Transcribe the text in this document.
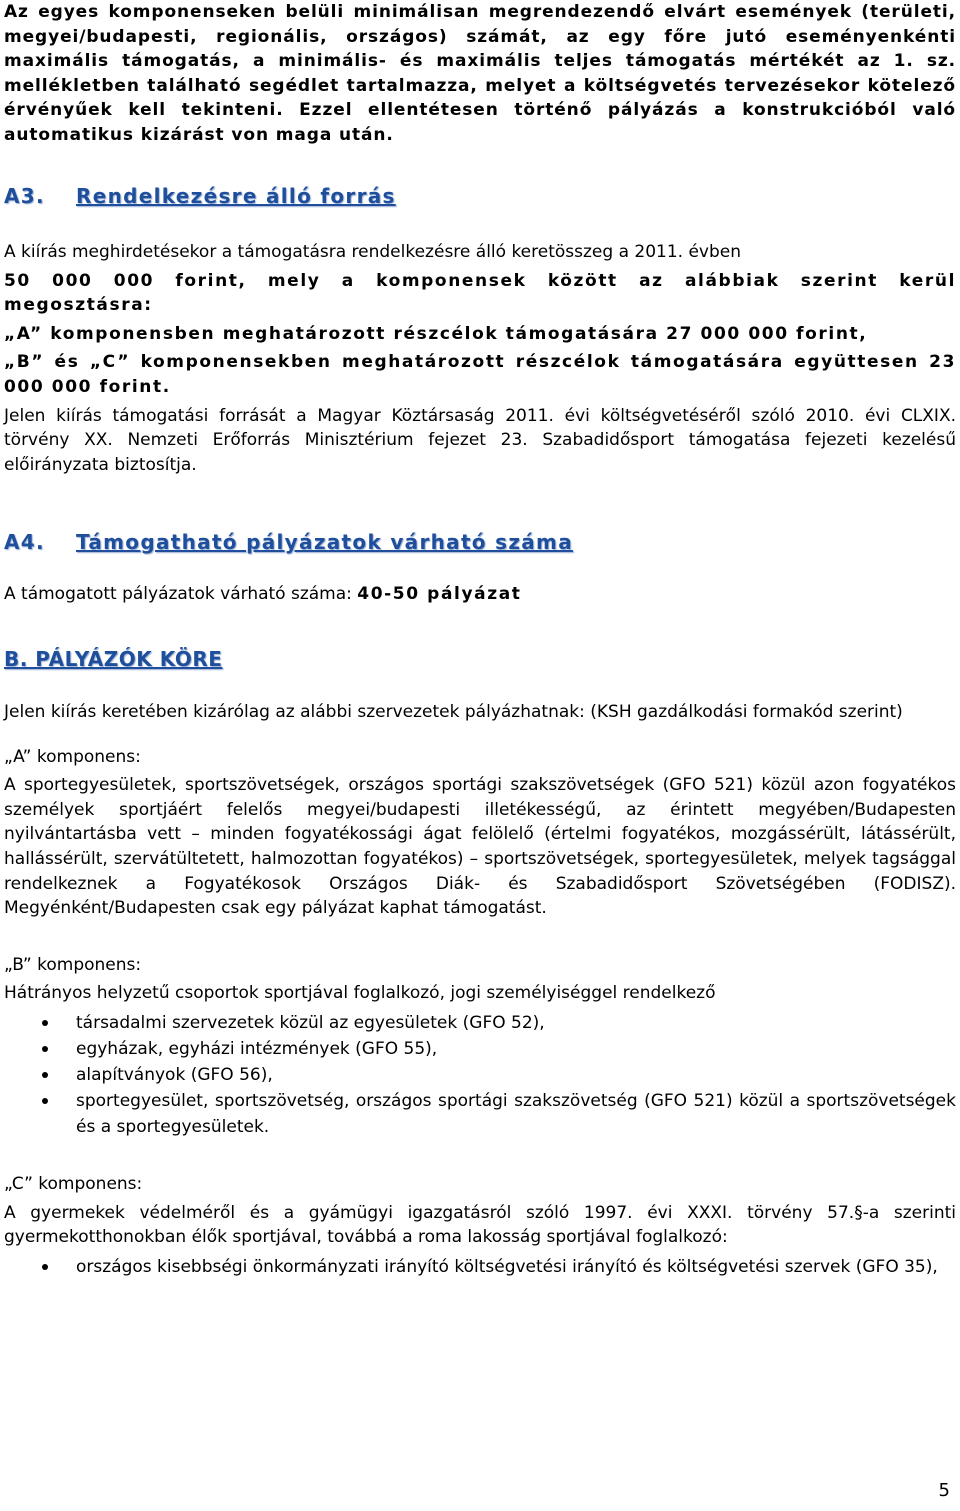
Az egyes komponenseken belüli minimálisan megrendezendő elvárt események (területi, megyei/budapesti, regionális, országos) számát, az egy főre jutó eseményenkénti maximális támogatás, a minimális- és maximális teljes támogatás mértékét az 1. sz. mellékletben található segédlet tartalmazza, melyet a költségvetés tervezésekor kötelező érvényűek kell tekinteni. Ezzel ellentétesen történő pályázás a konstrukcióból való automatikus kizárást von maga után.

A3. Rendelkezésre álló forrás

A kiírás meghirdetésekor a támogatásra rendelkezésre álló keretösszeg a 2011. évben

50 000 000 forint, mely a komponensek között az alábbiak szerint kerül megosztásra:

„A” komponensben meghatározott részcélok támogatására 27 000 000 forint,

„B” és „C” komponensekben meghatározott részcélok támogatására együttesen 23 000 000 forint.

Jelen kiírás támogatási forrását a Magyar Köztársaság 2011. évi költségvetéséről szóló 2010. évi CLXIX. törvény XX. Nemzeti Erőforrás Minisztérium fejezet 23. Szabadidősport támogatása fejezeti kezelésű előirányzata biztosítja.

A4. Támogatható pályázatok várható száma

A támogatott pályázatok várható száma: 40-50 pályázat

B. PÁLYÁZÓK KÖRE

Jelen kiírás keretében kizárólag az alábbi szervezetek pályázhatnak: (KSH gazdálkodási formakód szerint)

„A” komponens:

A sportegyesületek, sportszövetségek, országos sportági szakszövetségek (GFO 521) közül azon fogyatékos személyek sportjáért felelős megyei/budapesti illetékességű, az érintett megyében/Budapesten nyilvántartásba vett – minden fogyatékossági ágat felölelő (értelmi fogyatékos, mozgássérült, látássérült, hallássérült, szervátültetett, halmozottan fogyatékos) – sportszövetségek, sportegyesületek, melyek tagsággal rendelkeznek a Fogyatékosok Országos Diák- és Szabadidősport Szövetségében (FODISZ). Megyénként/Budapesten csak egy pályázat kaphat támogatást.

„B” komponens:

Hátrányos helyzetű csoportok sportjával foglalkozó, jogi személyiséggel rendelkező

társadalmi szervezetek közül az egyesületek (GFO 52),
egyházak, egyházi intézmények (GFO 55),
alapítványok (GFO 56),
sportegyesület, sportszövetség, országos sportági szakszövetség (GFO 521) közül a sportszövetségek és a sportegyesületek.

„C” komponens:

A gyermekek védelméről és a gyámügyi igazgatásról szóló 1997. évi XXXI. törvény 57.§-a szerinti gyermekotthonokban élők sportjával, továbbá a roma lakosság sportjával foglalkozó:

országos kisebbségi önkormányzati irányító költségvetési irányító és költségvetési szervek (GFO 35),
5
